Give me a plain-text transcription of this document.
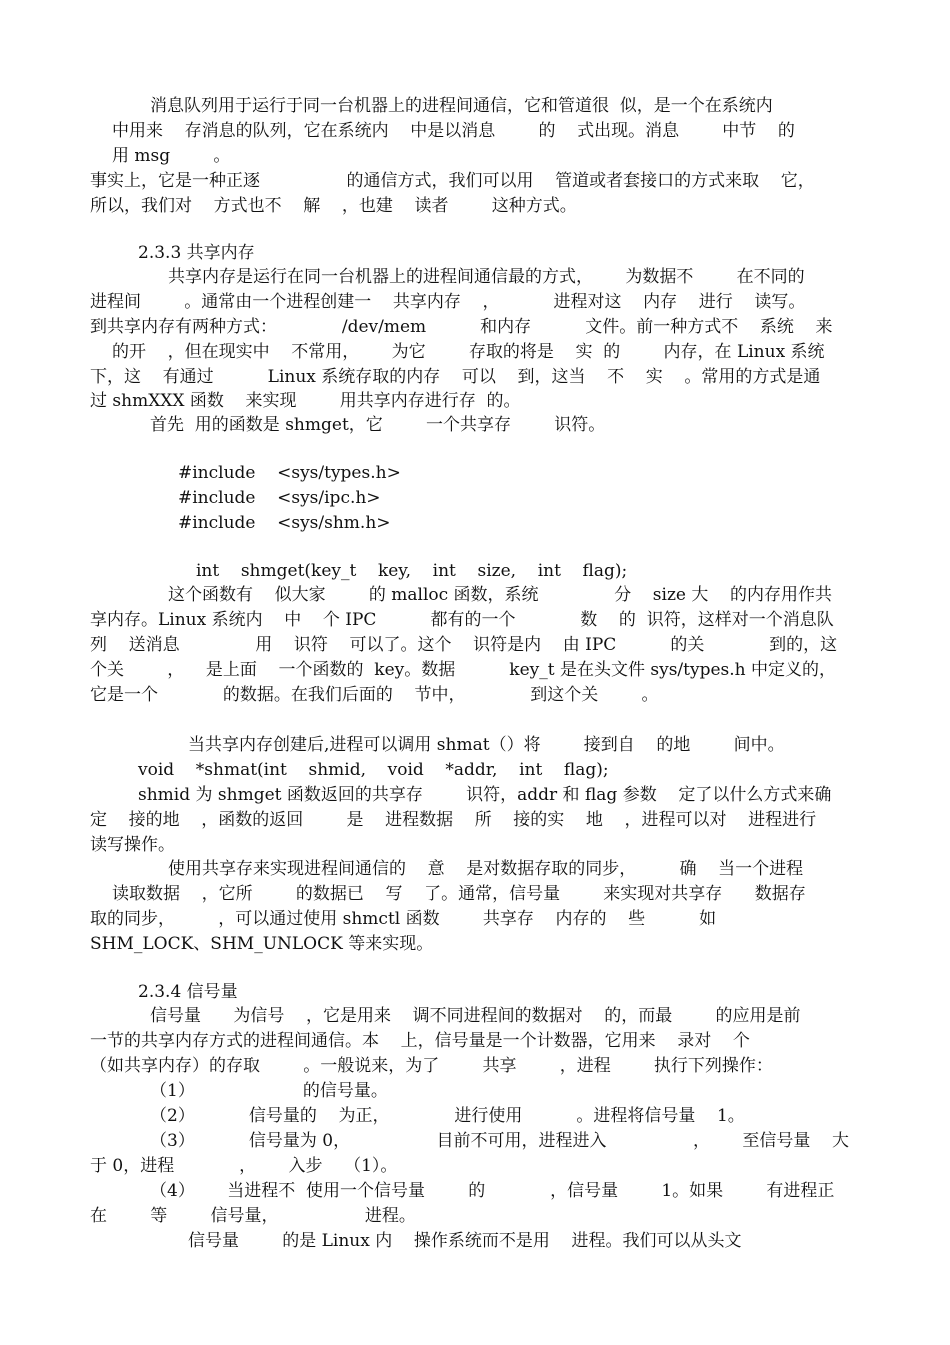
消息队列用于运行于同一台机器上的进程间通信，它和管道很  似，是一个在系统内

中用来    存消息的队列，它在系统内    中是以消息        的    式出现。消息        中节    的

用 msg        。

事实上，它是一种正逐                的通信方式，我们可以用    管道或者套接口的方式来取    它，

所以，我们对    方式也不    解    ，也建    读者        这种方式。

2.3.3 共享内存

共享内存是运行在同一台机器上的进程间通信最的方式，      为数据不        在不同的

进程间        。通常由一个进程创建一    共享内存    ，          进程对这    内存    进行    读写。

到共享内存有两种方式：            /dev/mem          和内存          文件。前一种方式不    系统    来

的开    ，但在现实中    不常用，      为它        存取的将是    实  的        内存，在 Linux 系统

下，这    有通过          Linux 系统存取的内存    可以    到，这当    不    实    。常用的方式是通

过 shmXXX 函数    来实现        用共享内存进行存  的。

首先  用的函数是 shmget，它        一个共享存        识符。

#include    <sys/types.h>

#include    <sys/ipc.h>

#include    <sys/shm.h>

int    shmget(key_t    key,    int    size,    int    flag);

这个函数有    似大家        的 malloc 函数，系统              分    size 大    的内存用作共

享内存。Linux 系统内    中    个 IPC          都有的一个            数    的  识符，这样对一个消息队

列    送消息              用    识符    可以了。这个    识符是内    由 IPC          的关            到的，这

个关        ，    是上面    一个函数的  key。数据          key_t 是在头文件 sys/types.h 中定义的，

它是一个            的数据。在我们后面的    节中，            到这个关        。

当共享内存创建后,进程可以调用 shmat（）将        接到自    的地        间中。

void    *shmat(int    shmid,    void    *addr,    int    flag);

shmid 为 shmget 函数返回的共享存        识符，addr 和 flag 参数    定了以什么方式来确

定    接的地    ，函数的返回        是    进程数据    所    接的实    地    ，进程可以对    进程进行

读写操作。

使用共享存来实现进程间通信的    意    是对数据存取的同步，        确    当一个进程

读取数据    ，它所        的数据已    写    了。通常，信号量        来实现对共享存      数据存

取的同步，        ，可以通过使用 shmctl 函数        共享存    内存的    些          如

SHM_LOCK、SHM_UNLOCK 等来实现。

2.3.4 信号量

信号量      为信号    ，它是用来    调不同进程间的数据对    的，而最        的应用是前

一节的共享内存方式的进程间通信。本    上，信号量是一个计数器，它用来    录对    个

（如共享内存）的存取        。一般说来，为了        共享        ，进程        执行下列操作：

（1）                    的信号量。

（2）          信号量的    为正，            进行使用          。进程将信号量    1。

（3）          信号量为 0，                目前不可用，进程进入                ，      至信号量    大

于 0，进程            ，      入步    （1）。

（4）      当进程不  使用一个信号量        的            ，信号量        1。如果        有进程正

在        等        信号量，                进程。

信号量        的是 Linux 内    操作系统而不是用    进程。我们可以从头文
